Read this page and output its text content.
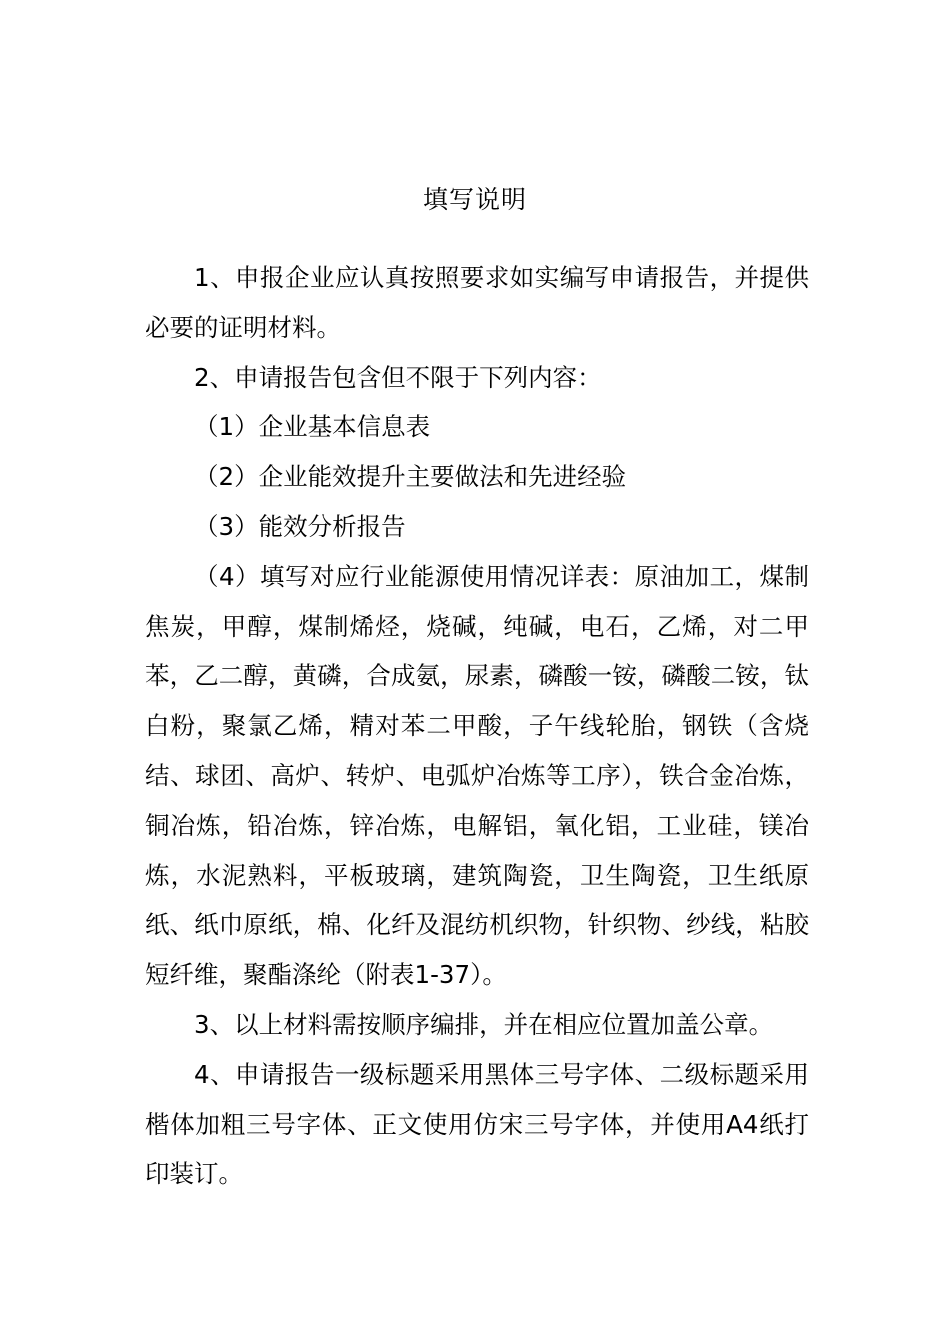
填写说明

1、申报企业应认真按照要求如实编写申请报告，并提供必要的证明材料。

2、申请报告包含但不限于下列内容：

（1）企业基本信息表

（2）企业能效提升主要做法和先进经验

（3）能效分析报告

（4）填写对应行业能源使用情况详表：原油加工，煤制焦炭，甲醇，煤制烯烃，烧碱，纯碱，电石，乙烯，对二甲苯，乙二醇，黄磷，合成氨，尿素，磷酸一铵，磷酸二铵，钛白粉，聚氯乙烯，精对苯二甲酸，子午线轮胎，钢铁（含烧结、球团、高炉、转炉、电弧炉冶炼等工序），铁合金冶炼，铜冶炼，铅冶炼，锌冶炼，电解铝，氧化铝，工业硅，镁冶炼，水泥熟料，平板玻璃，建筑陶瓷，卫生陶瓷，卫生纸原纸、纸巾原纸，棉、化纤及混纺机织物，针织物、纱线，粘胶短纤维，聚酯涤纶（附表1-37）。

3、以上材料需按顺序编排，并在相应位置加盖公章。

4、申请报告一级标题采用黑体三号字体、二级标题采用楷体加粗三号字体、正文使用仿宋三号字体，并使用A4纸打印装订。
